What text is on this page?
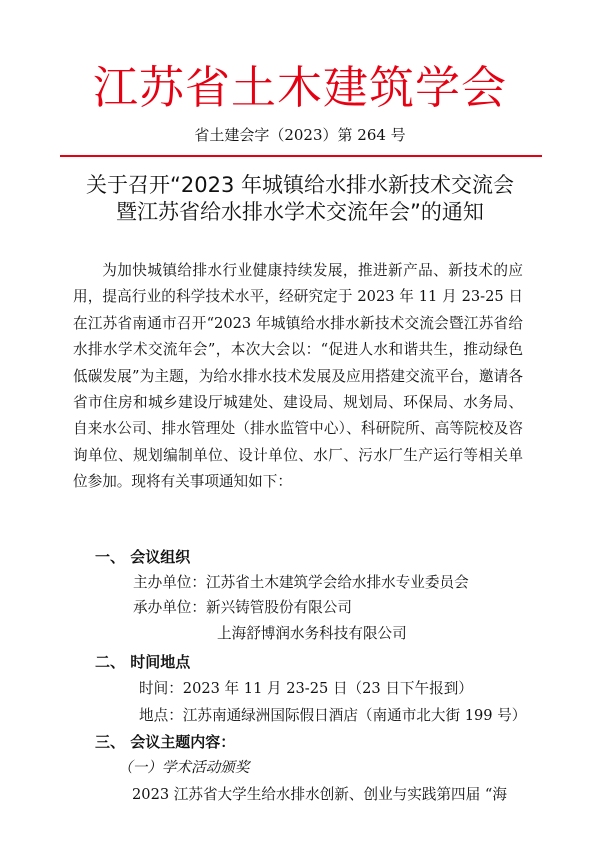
江苏省土木建筑学会
省土建会字（2023）第 264 号
关于召开“2023 年城镇给水排水新技术交流会
暨江苏省给水排水学术交流年会”的通知

为加快城镇给排水行业健康持续发展，推进新产品、新技术的应用，提高行业的科学技术水平，经研究定于 2023 年 11 月 23-25 日在江苏省南通市召开“2023 年城镇给水排水新技术交流会暨江苏省给水排水学术交流年会”，本次大会以：“促进人水和谐共生，推动绿色低碳发展”为主题，为给水排水技术发展及应用搭建交流平台，邀请各省市住房和城乡建设厅城建处、建设局、规划局、环保局、水务局、自来水公司、排水管理处（排水监管中心）、科研院所、高等院校及咨询单位、规划编制单位、设计单位、水厂、污水厂生产运行等相关单位参加。现将有关事项通知如下：

一、 会议组织
主办单位：江苏省土木建筑学会给水排水专业委员会
承办单位：新兴铸管股份有限公司
上海舒博润水务科技有限公司
二、 时间地点
时间：2023 年 11 月 23-25 日（23 日下午报到）
地点：江苏南通绿洲国际假日酒店（南通市北大街 199 号）
三、 会议主题内容：
（一）学术活动颁奖
2023 江苏省大学生给水排水创新、创业与实践第四届 “海
